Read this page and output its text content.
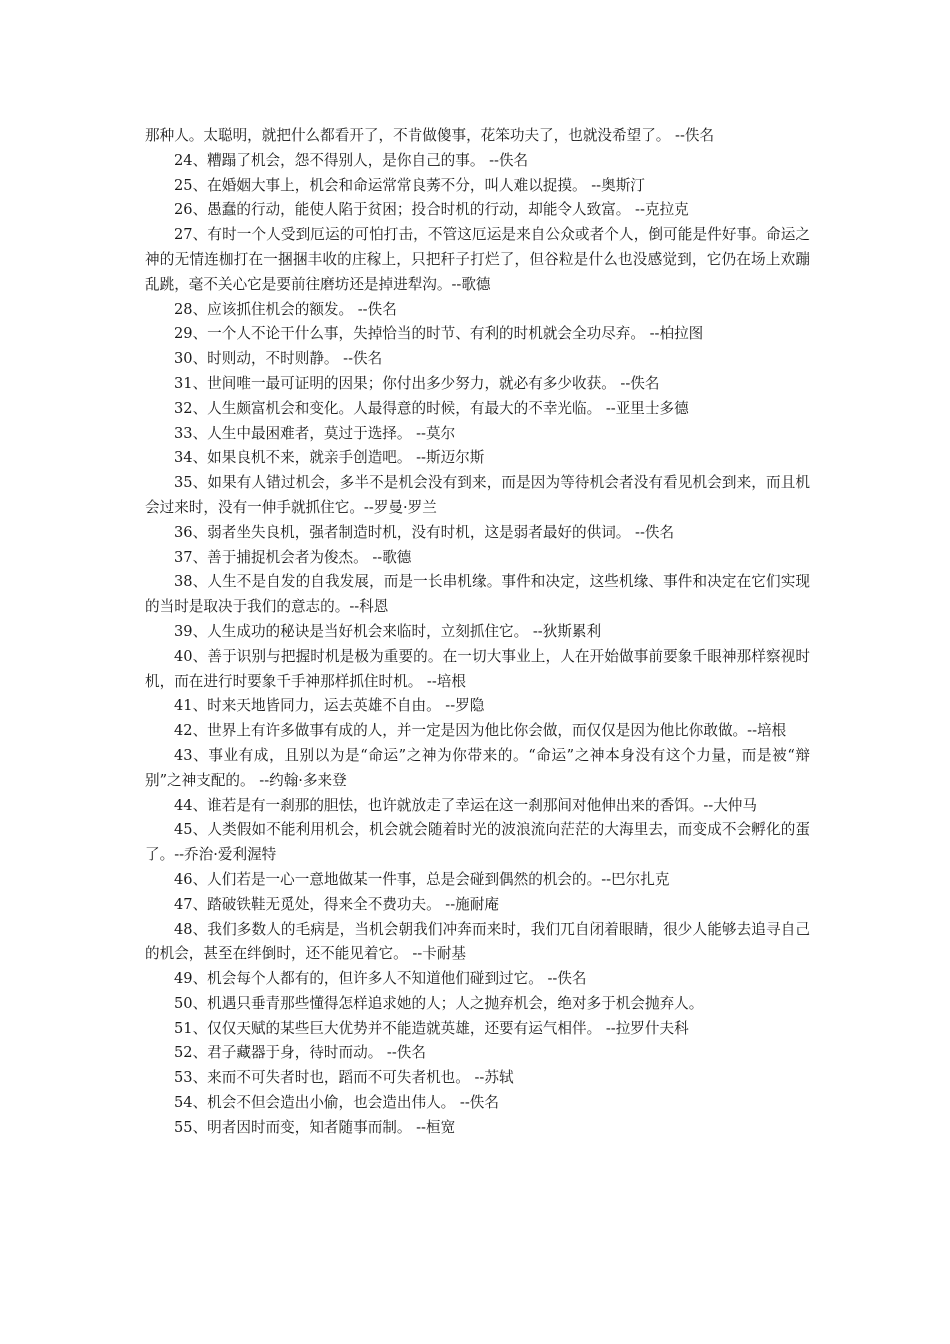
那种人。太聪明，就把什么都看开了，不肯做傻事，花笨功夫了，也就没希望了。 --佚名

24、糟蹋了机会，怨不得别人，是你自己的事。 --佚名

25、在婚姻大事上，机会和命运常常良莠不分，叫人难以捉摸。 --奥斯汀

26、愚蠢的行动，能使人陷于贫困；投合时机的行动，却能令人致富。 --克拉克

27、有时一个人受到厄运的可怕打击，不管这厄运是来自公众或者个人，倒可能是件好事。命运之神的无情连枷打在一捆捆丰收的庄稼上，只把秆子打烂了，但谷粒是什么也没感觉到，它仍在场上欢蹦乱跳，毫不关心它是要前往磨坊还是掉进犁沟。--歌德

28、应该抓住机会的额发。 --佚名

29、一个人不论干什么事，失掉恰当的时节、有利的时机就会全功尽弃。 --柏拉图

30、时则动，不时则静。 --佚名

31、世间唯一最可证明的因果；你付出多少努力，就必有多少收获。 --佚名

32、人生颇富机会和变化。人最得意的时候，有最大的不幸光临。 --亚里士多德

33、人生中最困难者，莫过于选择。 --莫尔

34、如果良机不来，就亲手创造吧。 --斯迈尔斯

35、如果有人错过机会，多半不是机会没有到来，而是因为等待机会者没有看见机会到来，而且机会过来时，没有一伸手就抓住它。--罗曼·罗兰

36、弱者坐失良机，强者制造时机，没有时机，这是弱者最好的供词。 --佚名

37、善于捕捉机会者为俊杰。 --歌德

38、人生不是自发的自我发展，而是一长串机缘。事件和决定，这些机缘、事件和决定在它们实现的当时是取决于我们的意志的。--科恩

39、人生成功的秘诀是当好机会来临时，立刻抓住它。 --狄斯累利

40、善于识别与把握时机是极为重要的。在一切大事业上，人在开始做事前要象千眼神那样察视时机，而在进行时要象千手神那样抓住时机。 --培根

41、时来天地皆同力，运去英雄不自由。 --罗隐

42、世界上有许多做事有成的人，并一定是因为他比你会做，而仅仅是因为他比你敢做。--培根

43、事业有成，且别以为是“命运”之神为你带来的。“命运”之神本身没有这个力量，而是被“辩别”之神支配的。 --约翰·多来登

44、谁若是有一刹那的胆怯，也许就放走了幸运在这一刹那间对他伸出来的香饵。--大仲马

45、人类假如不能利用机会，机会就会随着时光的波浪流向茫茫的大海里去，而变成不会孵化的蛋了。--乔治·爱利渥特

46、人们若是一心一意地做某一件事，总是会碰到偶然的机会的。--巴尔扎克

47、踏破铁鞋无觅处，得来全不费功夫。 --施耐庵

48、我们多数人的毛病是，当机会朝我们冲奔而来时，我们兀自闭着眼睛，很少人能够去追寻自己的机会，甚至在绊倒时，还不能见着它。 --卡耐基

49、机会每个人都有的，但许多人不知道他们碰到过它。 --佚名

50、机遇只垂青那些懂得怎样追求她的人；人之抛弃机会，绝对多于机会抛弃人。

51、仅仅天赋的某些巨大优势并不能造就英雄，还要有运气相伴。 --拉罗什夫科

52、君子藏器于身，待时而动。 --佚名

53、来而不可失者时也，蹈而不可失者机也。 --苏轼

54、机会不但会造出小偷，也会造出伟人。 --佚名

55、明者因时而变，知者随事而制。 --桓宽
